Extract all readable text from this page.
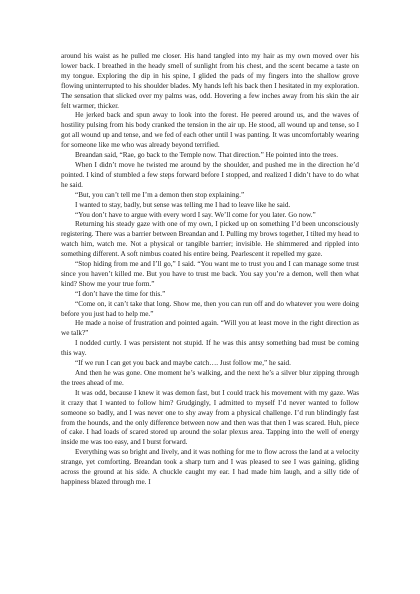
around his waist as he pulled me closer. His hand tangled into my hair as my own moved over his lower back. I breathed in the heady smell of sunlight from his chest, and the scent became a taste on my tongue. Exploring the dip in his spine, I glided the pads of my fingers into the shallow grove flowing uninterrupted to his shoulder blades. My hands left his back then I hesitated in my exploration. The sensation that slicked over my palms was, odd. Hovering a few inches away from his skin the air felt warmer, thicker.

He jerked back and spun away to look into the forest. He peered around us, and the waves of hostility pulsing from his body cranked the tension in the air up. He stood, all wound up and tense, so I got all wound up and tense, and we fed of each other until I was panting. It was uncomfortably wearing for someone like me who was already beyond terrified.

Breandan said, “Rae, go back to the Temple now. That direction.” He pointed into the trees.

When I didn’t move he twisted me around by the shoulder, and pushed me in the direction he’d pointed. I kind of stumbled a few steps forward before I stopped, and realized I didn’t have to do what he said.

“But, you can’t tell me I’m a demon then stop explaining.”

I wanted to stay, badly, but sense was telling me I had to leave like he said.

“You don’t have to argue with every word I say. We’ll come for you later. Go now.”

Returning his steady gaze with one of my own, I picked up on something I’d been unconsciously registering. There was a barrier between Breandan and I. Pulling my brows together, I tilted my head to watch him, watch me. Not a physical or tangible barrier; invisible. He shimmered and rippled into something different. A soft nimbus coated his entire being. Pearlescent it repelled my gaze.

“Stop hiding from me and I’ll go,” I said. “You want me to trust you and I can manage some trust since you haven’t killed me. But you have to trust me back. You say you’re a demon, well then what kind? Show me your true form.”

“I don’t have the time for this.”

“Come on, it can’t take that long. Show me, then you can run off and do whatever you were doing before you just had to help me.”

He made a noise of frustration and pointed again. “Will you at least move in the right direction as we talk?”

I nodded curtly. I was persistent not stupid. If he was this antsy something bad must be coming this way.

“If we run I can get you back and maybe catch…. Just follow me,” he said.

And then he was gone. One moment he’s walking, and the next he’s a silver blur zipping through the trees ahead of me.

It was odd, because I knew it was demon fast, but I could track his movement with my gaze. Was it crazy that I wanted to follow him? Grudgingly, I admitted to myself I’d never wanted to follow someone so badly, and I was never one to shy away from a physical challenge. I’d run blindingly fast from the hounds, and the only difference between now and then was that then I was scared. Huh, piece of cake. I had loads of scared stored up around the solar plexus area. Tapping into the well of energy inside me was too easy, and I burst forward.

Everything was so bright and lively, and it was nothing for me to flow across the land at a velocity strange, yet comforting. Breandan took a sharp turn and I was pleased to see I was gaining, gliding across the ground at his side. A chuckle caught my ear. I had made him laugh, and a silly tide of happiness blazed through me. I
